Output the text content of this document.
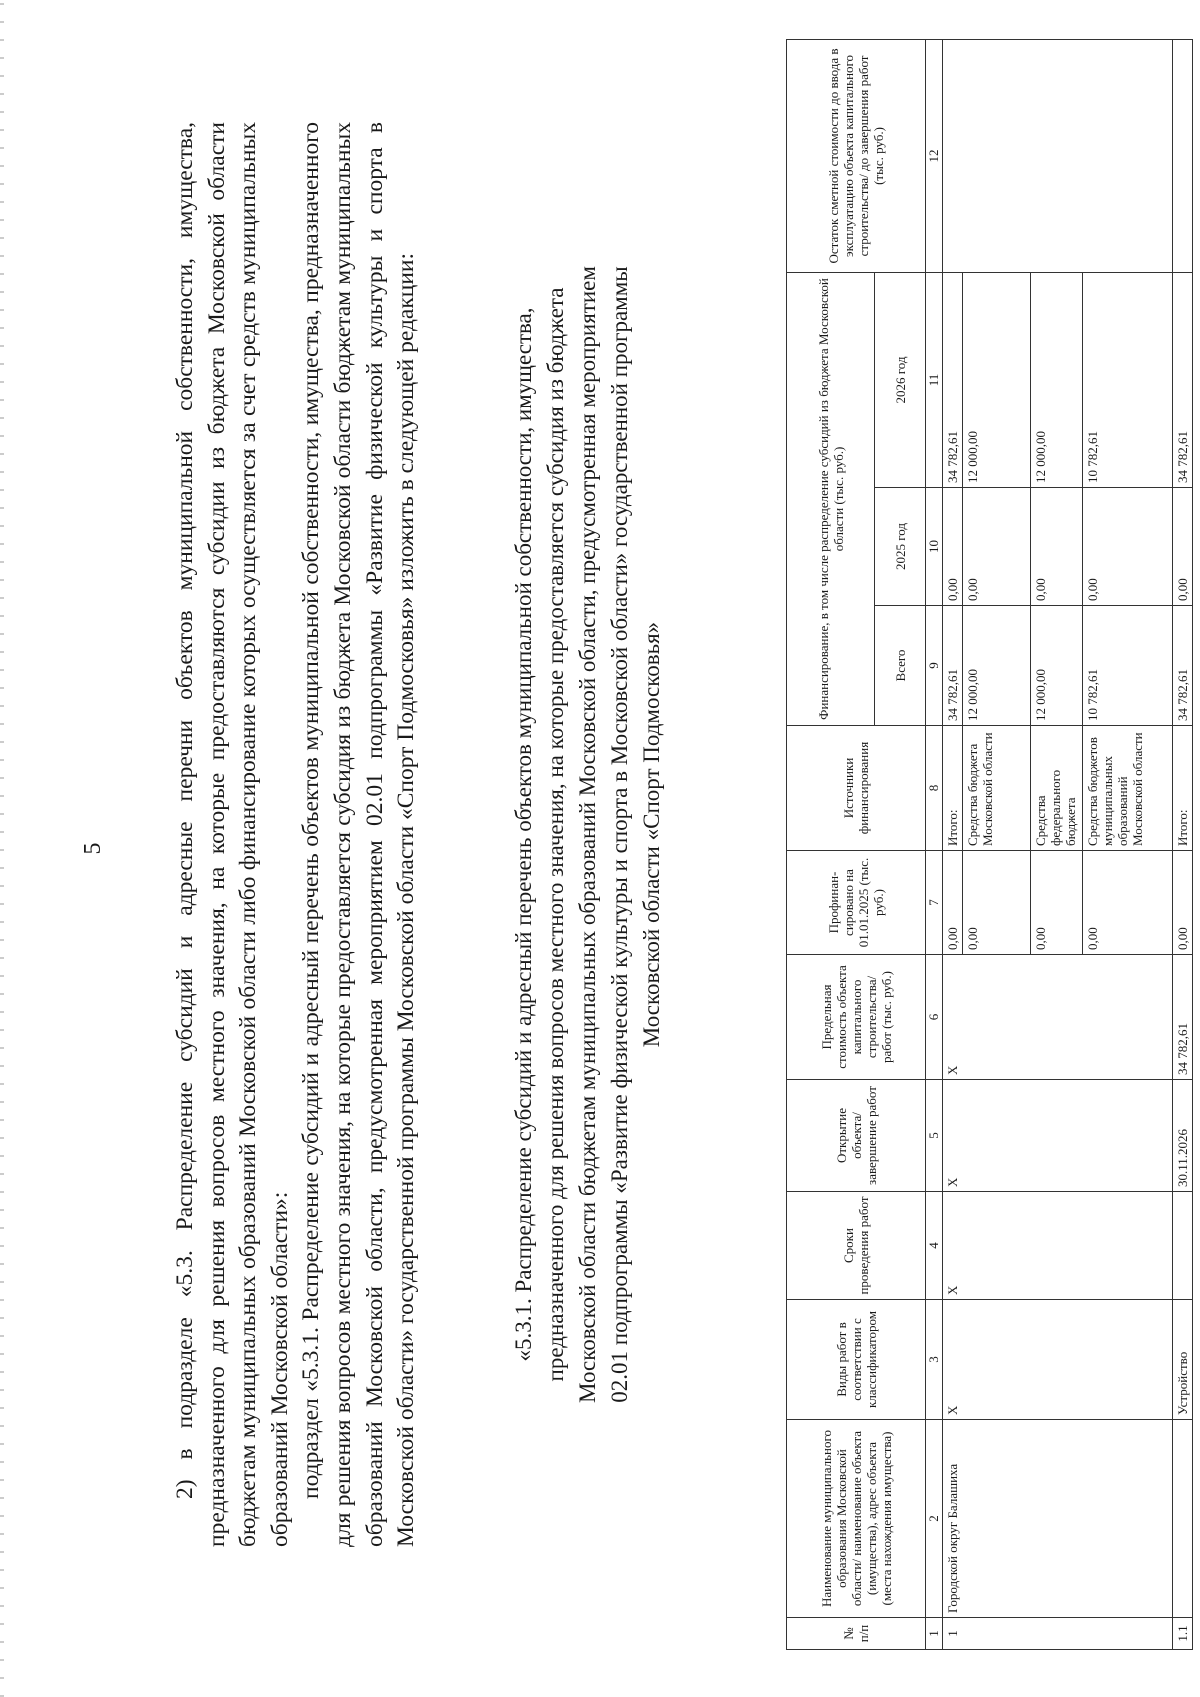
5	2) в подразделе «5.3. Распределение субсидий и адресные перечни объектов муниципальной собственности, имущества, предназначенного для решения вопросов местного значения, на которые предоставляются субсидии из бюджета Московской области бюджетам муниципальных образований Московской области либо финансирование которых осуществляется за счет средств муниципальных образований Московской области»: подраздел «5.3.1. Распределение субсидий и адресный перечень объектов муниципальной собственности, имущества, предназначенного для решения вопросов местного значения, на которые предоставляется субсидия из бюджета Московской области бюджетам муниципальных образований Московской области, предусмотренная мероприятием 02.01 подпрограммы «Развитие физической культуры и спорта в Московской области» государственной программы Московской области «Спорт Подмосковья» изложить в следующей редакции:	«5.3.1. Распределение субсидий и адресный перечень объектов муниципальной собственности, имущества, предназначенного для решения вопросов местного значения, на которые предоставляется субсидия из бюджета Московской области бюджетам муниципальных образований Московской области, предусмотренная мероприятием 02.01 подпрограммы «Развитие физической культуры и спорта в Московской области» государственной программы Московской области «Спорт Подмосковья»
№ п/п	Наименование муниципального образования Московской области/ наименование объекта (имущества), адрес объекта (места нахождения имущества)	Виды работ в соответствии с классификатором	Сроки проведения работ	Открытие объекта/ завершение работ	Предельная стоимость объекта капитального строительства/ работ (тыс. руб.)	Профинан-сировано на 01.01.2025 (тыс. руб.)	Источники финансирования	Финансирование, в том числе распределение субсидий из бюджета Московской области (тыс. руб.)			Остаток сметной стоимости до ввода в эксплуатацию объекта капитального строительства/ до завершения работ (тыс. руб.)
								Всего	2025 год	2026 год	
1	2	3	4	5	6	7	8	9	10	11	12
1	Городской округ Балашиха	X	X	X	X	0,00	Итого:	34 782,61	0,00	34 782,61	
						0,00	Средства бюджета Московской области	12 000,00	0,00	12 000,00	
						0,00	Средства федерального бюджета	12 000,00	0,00	12 000,00	
						0,00	Средства бюджетов муниципальных образований Московской области	10 782,61	0,00	10 782,61	
1.1		Устройство		30.11.2026	34 782,61	0,00	Итого:	34 782,61	0,00	34 782,61	
